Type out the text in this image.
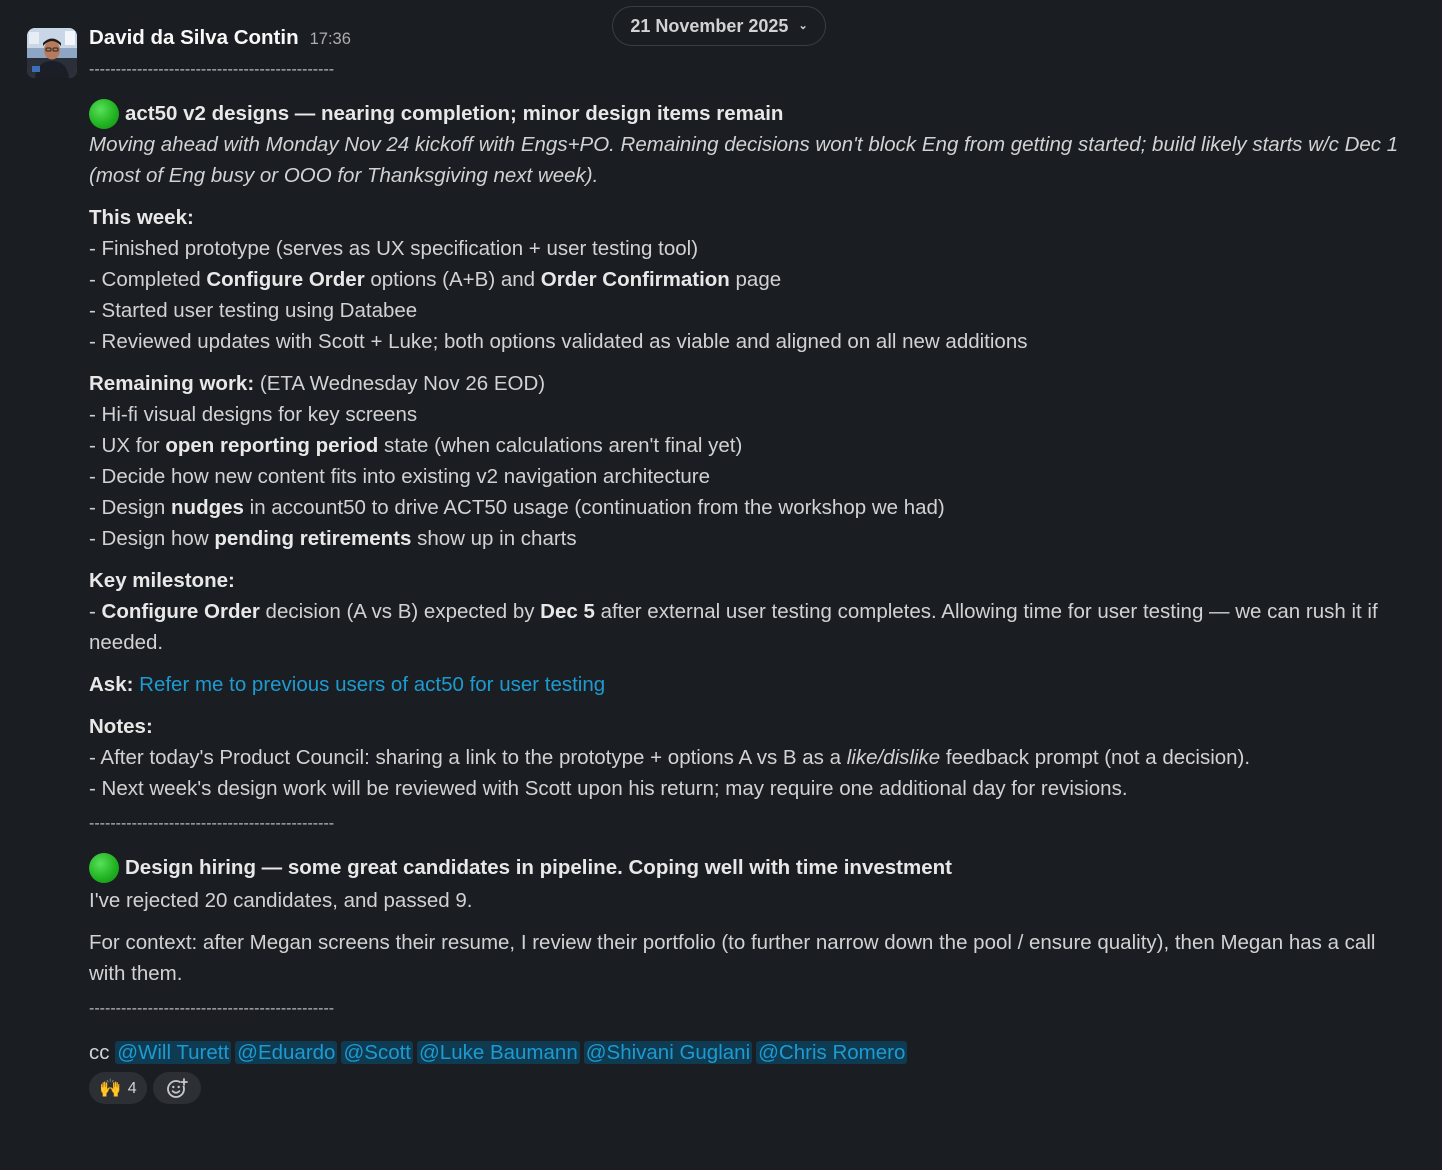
21 November 2025 ⌄
David da Silva Contin 17:36
----------------------------------------------
act50 v2 designs — nearing completion; minor design items remain

Moving ahead with Monday Nov 24 kickoff with Engs+PO. Remaining decisions won't block Eng from getting started; build likely starts w/c Dec 1 (most of Eng busy or OOO for Thanksgiving next week).

This week:

- Finished prototype (serves as UX specification + user testing tool)

- Completed Configure Order options (A+B) and Order Confirmation page

- Started user testing using Databee

- Reviewed updates with Scott + Luke; both options validated as viable and aligned on all new additions

Remaining work: (ETA Wednesday Nov 26 EOD)

- Hi-fi visual designs for key screens

- UX for open reporting period state (when calculations aren't final yet)

- Decide how new content fits into existing v2 navigation architecture

- Design nudges in account50 to drive ACT50 usage (continuation from the workshop we had)

- Design how pending retirements show up in charts

Key milestone:

- Configure Order decision (A vs B) expected by Dec 5 after external user testing completes. Allowing time for user testing — we can rush it if needed.

Ask: Refer me to previous users of act50 for user testing

Notes:

- After today's Product Council: sharing a link to the prototype + options A vs B as a like/dislike feedback prompt (not a decision).

- Next week's design work will be reviewed with Scott upon his return; may require one additional day for revisions.

----------------------------------------------
Design hiring — some great candidates in pipeline. Coping well with time investment

I've rejected 20 candidates, and passed 9.

For context: after Megan screens their resume, I review their portfolio (to further narrow down the pool / ensure quality), then Megan has a call with them.

----------------------------------------------

cc @Will Turett @Eduardo @Scott @Luke Baumann @Shivani Guglani @Chris Romero

🙌 4
